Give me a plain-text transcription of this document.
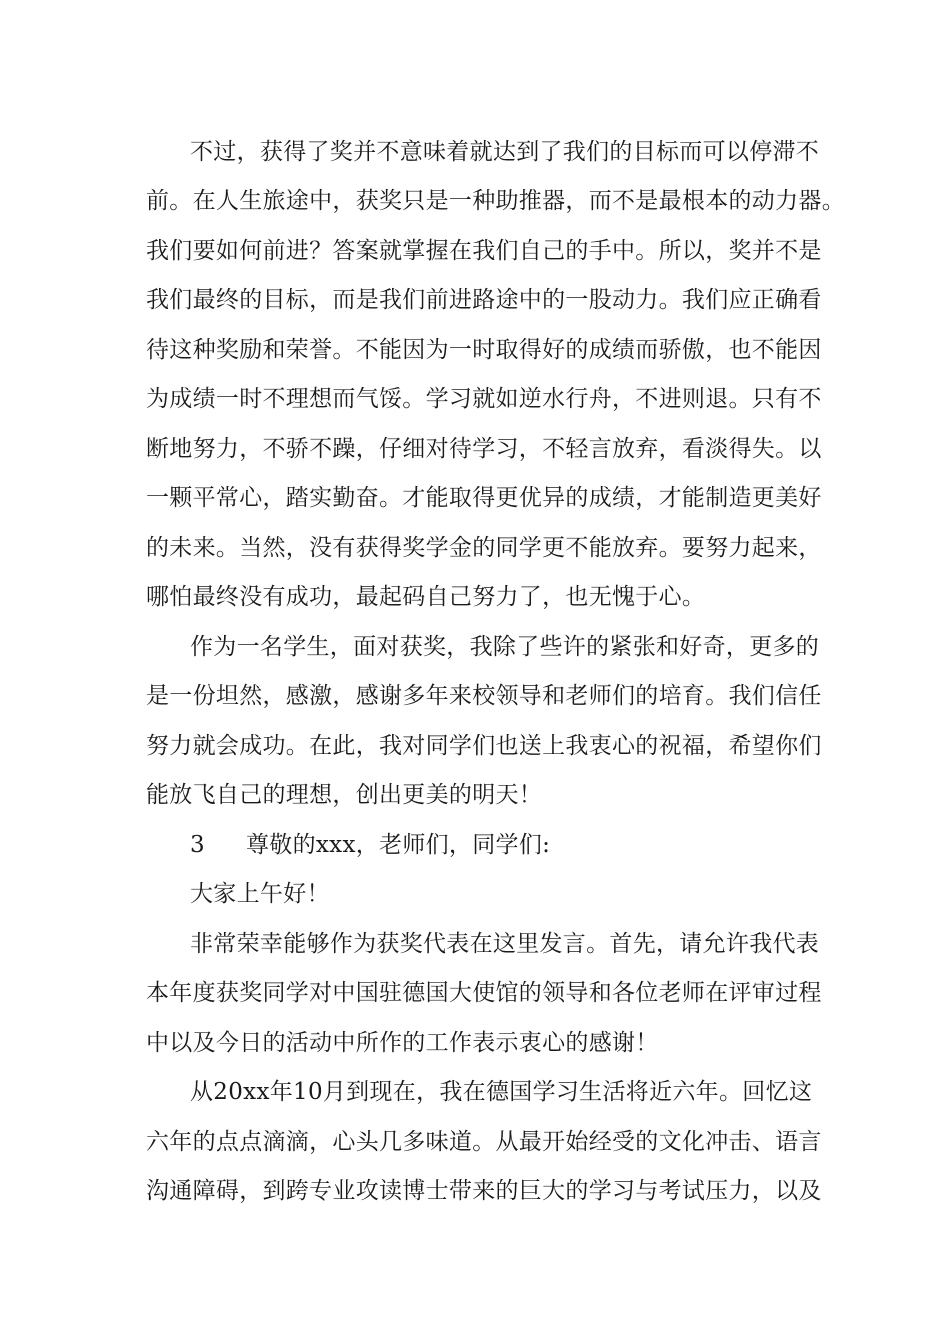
不过，获得了奖并不意味着就达到了我们的目标而可以停滞不
前。在人生旅途中，获奖只是一种助推器，而不是最根本的动力器。
我们要如何前进？答案就掌握在我们自己的手中。所以，奖并不是
我们最终的目标，而是我们前进路途中的一股动力。我们应正确看
待这种奖励和荣誉。不能因为一时取得好的成绩而骄傲，也不能因
为成绩一时不理想而气馁。学习就如逆水行舟，不进则退。只有不
断地努力，不骄不躁，仔细对待学习，不轻言放弃，看淡得失。以
一颗平常心，踏实勤奋。才能取得更优异的成绩，才能制造更美好
的未来。当然，没有获得奖学金的同学更不能放弃。要努力起来，
哪怕最终没有成功，最起码自己努力了，也无愧于心。
作为一名学生，面对获奖，我除了些许的紧张和好奇，更多的
是一份坦然，感激，感谢多年来校领导和老师们的培育。我们信任
努力就会成功。在此，我对同学们也送上我衷心的祝福，希望你们
能放飞自己的理想，创出更美的明天！
3 尊敬的xxx，老师们，同学们:
大家上午好！
非常荣幸能够作为获奖代表在这里发言。首先，请允许我代表
本年度获奖同学对中国驻德国大使馆的领导和各位老师在评审过程
中以及今日的活动中所作的工作表示衷心的感谢！
从20xx年10月到现在，我在德国学习生活将近六年。回忆这
六年的点点滴滴，心头几多味道。从最开始经受的文化冲击、语言
沟通障碍，到跨专业攻读博士带来的巨大的学习与考试压力，以及
